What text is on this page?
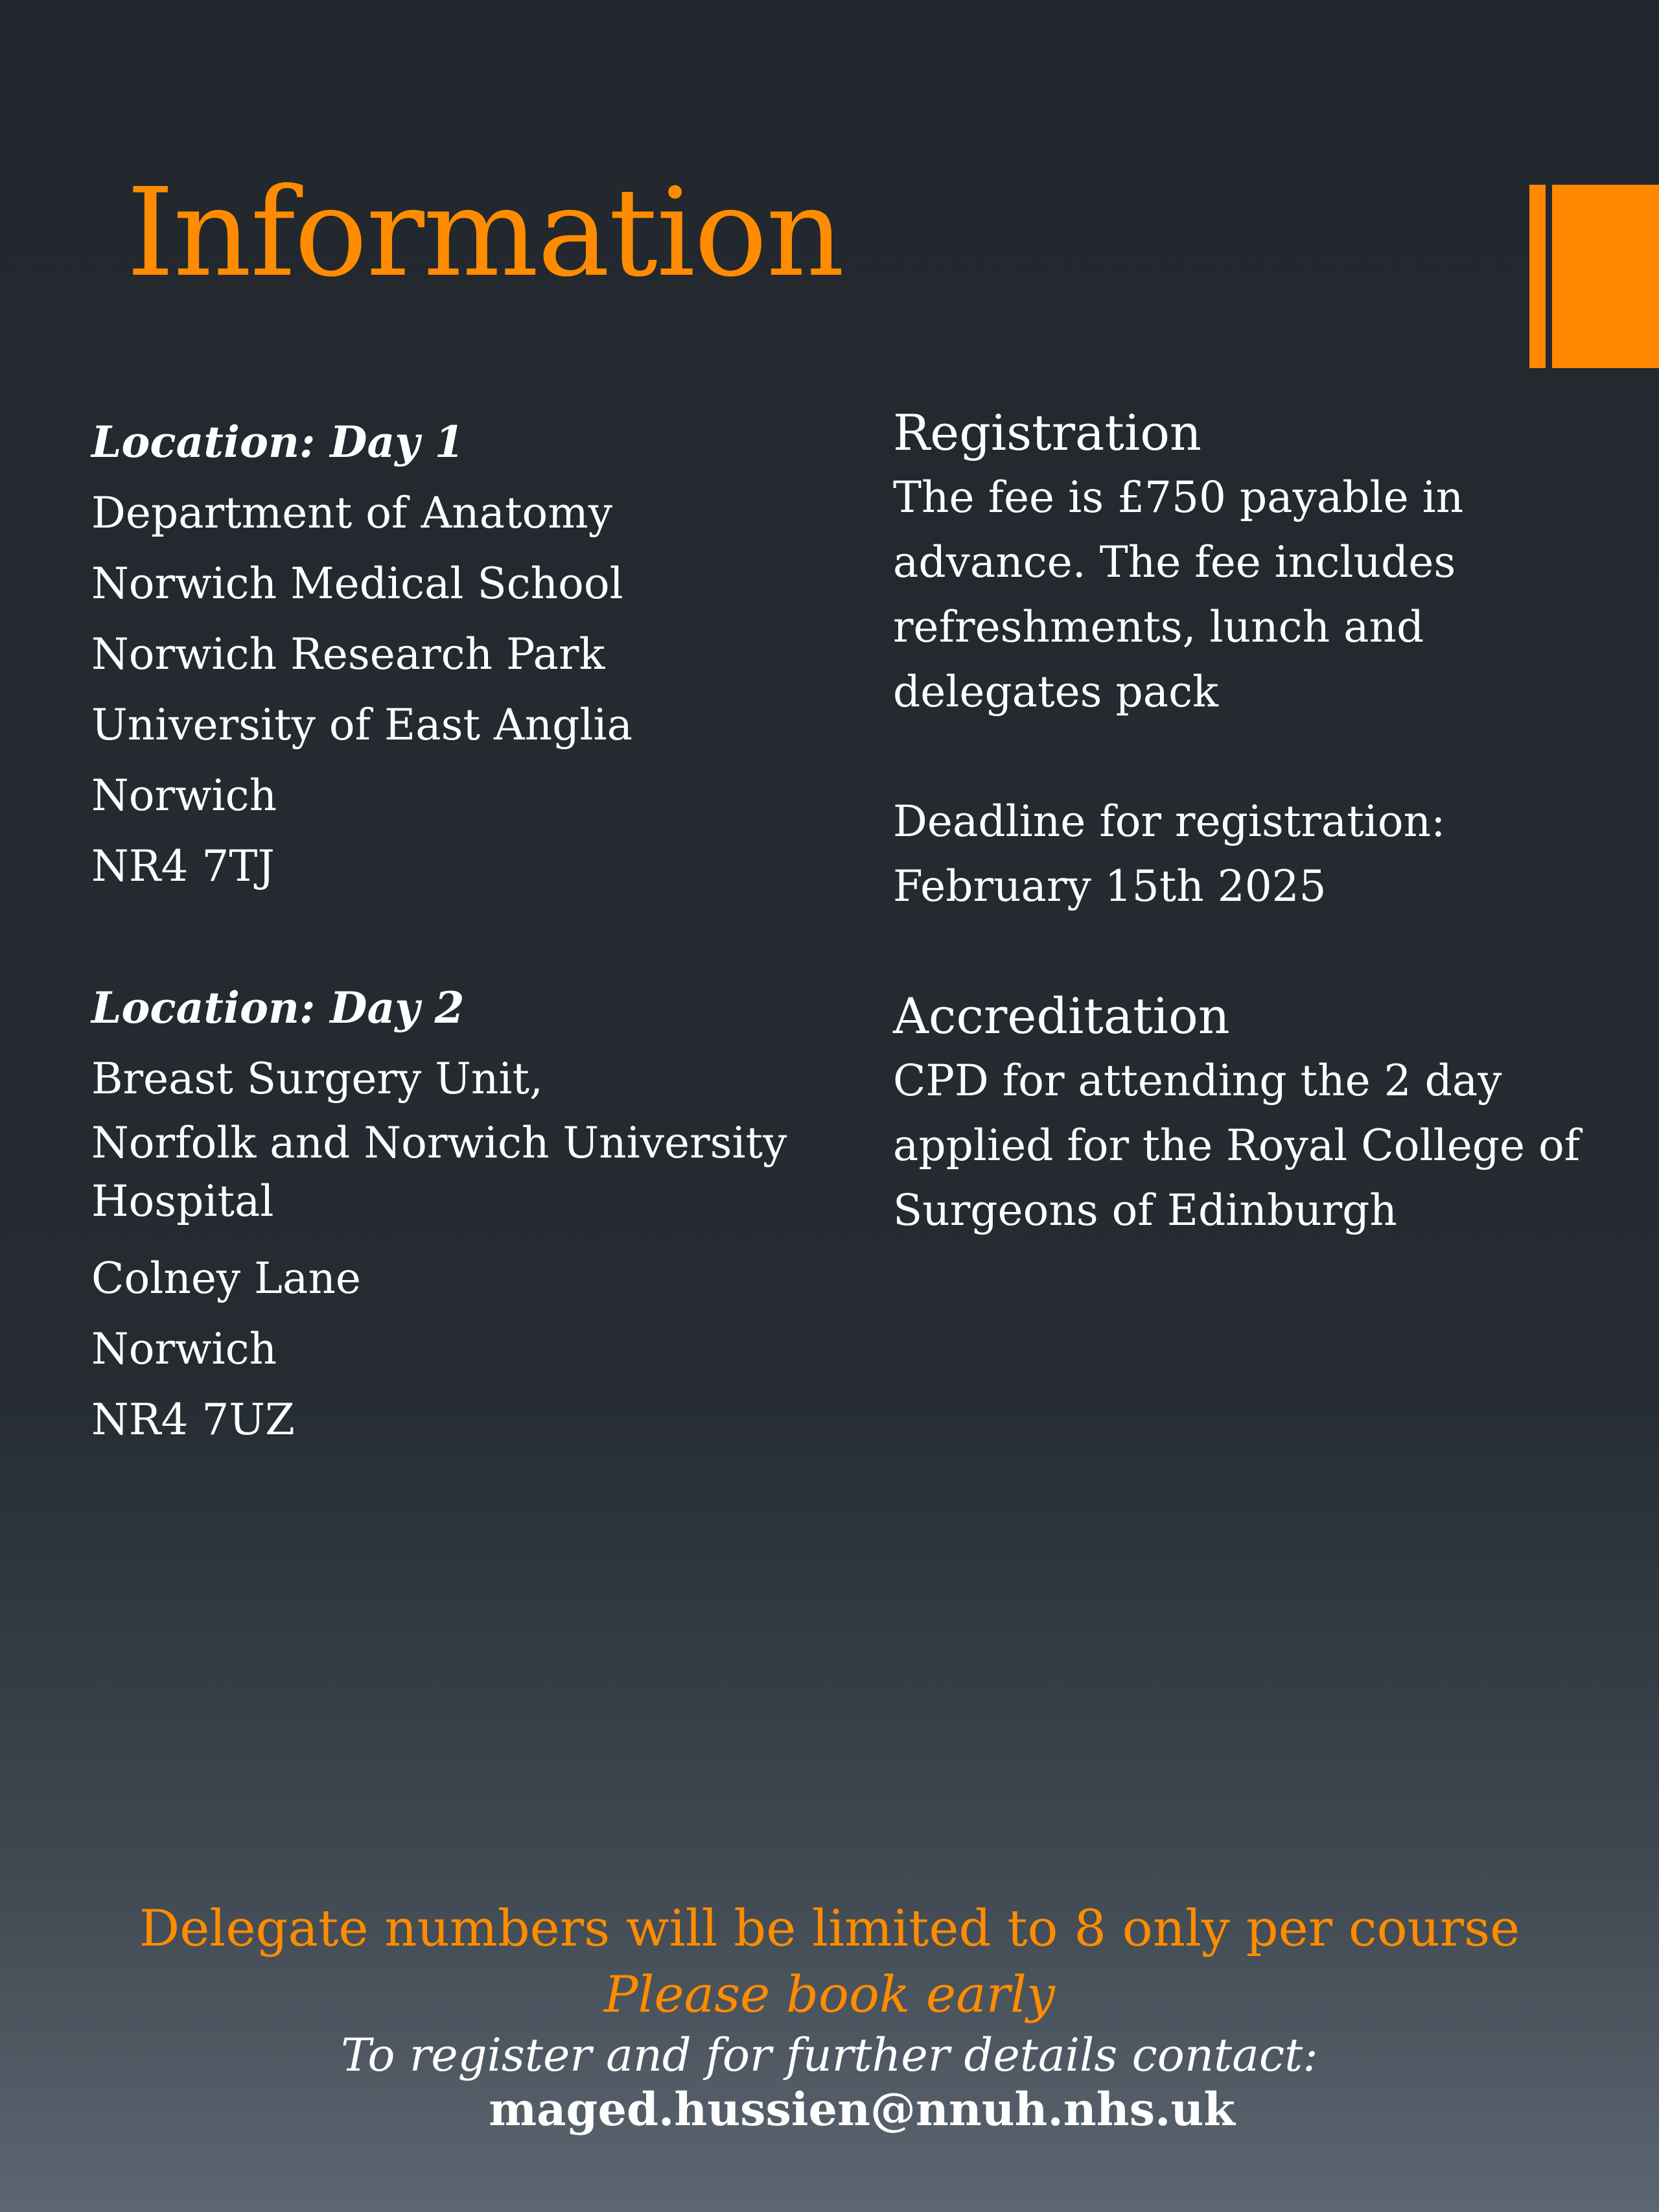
Information
Location: Day 1
Department of Anatomy
Norwich Medical School
Norwich Research Park
University of East Anglia
Norwich
NR4 7TJ
Location: Day 2
Breast Surgery Unit,
Norfolk and Norwich University Hospital
Colney Lane
Norwich
NR4 7UZ
Registration

The fee is £750 payable in advance. The fee includes refreshments, lunch and delegates pack

Deadline for registration: February 15th 2025

Accreditation

CPD for attending the 2 day applied for the Royal College of Surgeons of Edinburgh

Delegate numbers will be limited to 8 only per course
Please book early
To register and for further details contact:
maged.hussien@nnuh.nhs.uk
